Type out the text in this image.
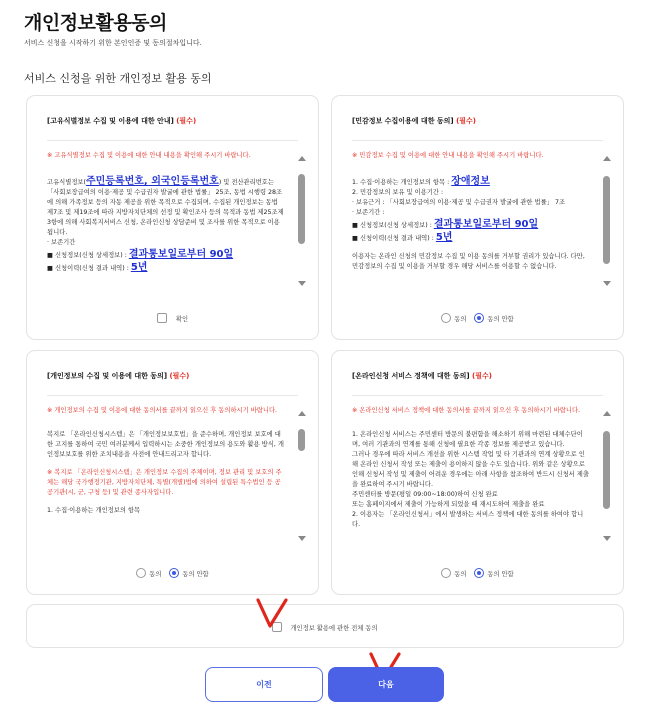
개인정보활용동의
서비스 신청을 시작하기 위한 본인인증 및 동의절차입니다.
서비스 신청을 위한 개인정보 활용 동의
[고유식별정보 수집 및 이용에 대한 안내] (필수)

※ 고유식별정보 수집 및 이용에 대한 안내 내용을 확인해 주시기 바랍니다.

고유식별정보(주민등록번호, 외국인등록번호) 및 전산관리번호는 「사회보장급여의 이용·제공 및 수급권자 발굴에 관한 법률」 25조, 동법 시행령 28조에 의해 가족정보 등의 자동 제공을 위한 목적으로 수집되며, 수집된 개인정보는 동법 제7조 및 제19조에 따라 지방자치단체의 선정 및 확인조사 등의 목적과 동법 제25조제3항에 의해 사회복지서비스 신청, 온라인신청 상담준비 및 조사를 위한 목적으로 이용됩니다.

· 보존기간

■ 신청정보(신청 상세정보) : 결과통보일로부터 90일

■ 신청이력(신청 결과 내역) : 5년

확인
[민감정보 수집이용에 대한 동의] (필수)

※ 민감정보 수집 및 이용에 대한 안내 내용을 확인해 주시기 바랍니다.

1. 수집·이용하는 개인정보의 항목 : 장애정보

2. 민감정보의 보유 및 이용기간 :

· 보유근거 : 「사회보장급여의 이용·제공 및 수급권자 발굴에 관한 법률」 7조

· 보존기간 :

■ 신청정보(신청 상세정보) : 결과통보일로부터 90일

■ 신청이력(신청 결과 내역) : 5년

이용자는 온라인 신청의 민감정보 수집 및 이용 동의를 거부할 권리가 있습니다. 다만, 민감정보의 수집 및 이용을 거부할 경우 해당 서비스를 이용할 수 없습니다.

동의	동의 안함
[개인정보의 수집 및 이용에 대한 동의] (필수)

※ 개인정보의 수집 및 이용에 대한 동의서를 끝까지 읽으신 후 동의하시기 바랍니다.

복지로 「온라인신청시스템」은 「개인정보보호법」을 준수하며, 개인정보 보호에 대한 고지를 통하여 국민 여러분께서 입력하시는 소중한 개인정보의 용도와 활용 방식, 개인정보보호를 위한 조치내용을 사전에 안내드리고자 합니다.

※ 복지로 「온라인신청시스템」은 개인정보 수집의 주체이며, 정보 관리 및 보호의 주체는 해당 국가행정기관, 지방자치단체, 특별(개별)법에 의하여 설립된 특수법인 등 공공기관(시, 군, 구청 등) 및 관련 종사자입니다.

1. 수집·이용하는 개인정보의 항목

동의	동의 안함
[온라인신청 서비스 정책에 대한 동의] (필수)

※ 온라인신청 서비스 정책에 대한 동의서를 끝까지 읽으신 후 동의하시기 바랍니다.

1. 온라인신청 서비스는 주민센터 방문의 불편함을 해소하기 위해 마련된 대체수단이며, 여러 기관과의 연계를 통해 신청에 필요한 각종 정보를 제공받고 있습니다.

그러나 경우에 따라 서비스 개선을 위한 시스템 작업 및 타 기관과의 연계 상황으로 인해 온라인 신청서 작성 또는 제출이 용이하지 않을 수도 있습니다. 위와 같은 상황으로 인해 신청서 작성 및 제출이 어려운 경우에는 아래 사항을 참조하여 반드시 신청서 제출을 완료하여 주시기 바랍니다.

주민센터를 방문(평일 09:00~18:00)하여 신청 완료

또는 홈페이지에서 제출이 가능하게 되었을 때 재시도하여 제출을 완료

2. 이용자는 「온라인신청서」에서 발생하는 서비스 정책에 대한 동의를 하여야 합니다.

동의	동의 안함
개인정보 활용에 관한 전체 동의
이전	다음
